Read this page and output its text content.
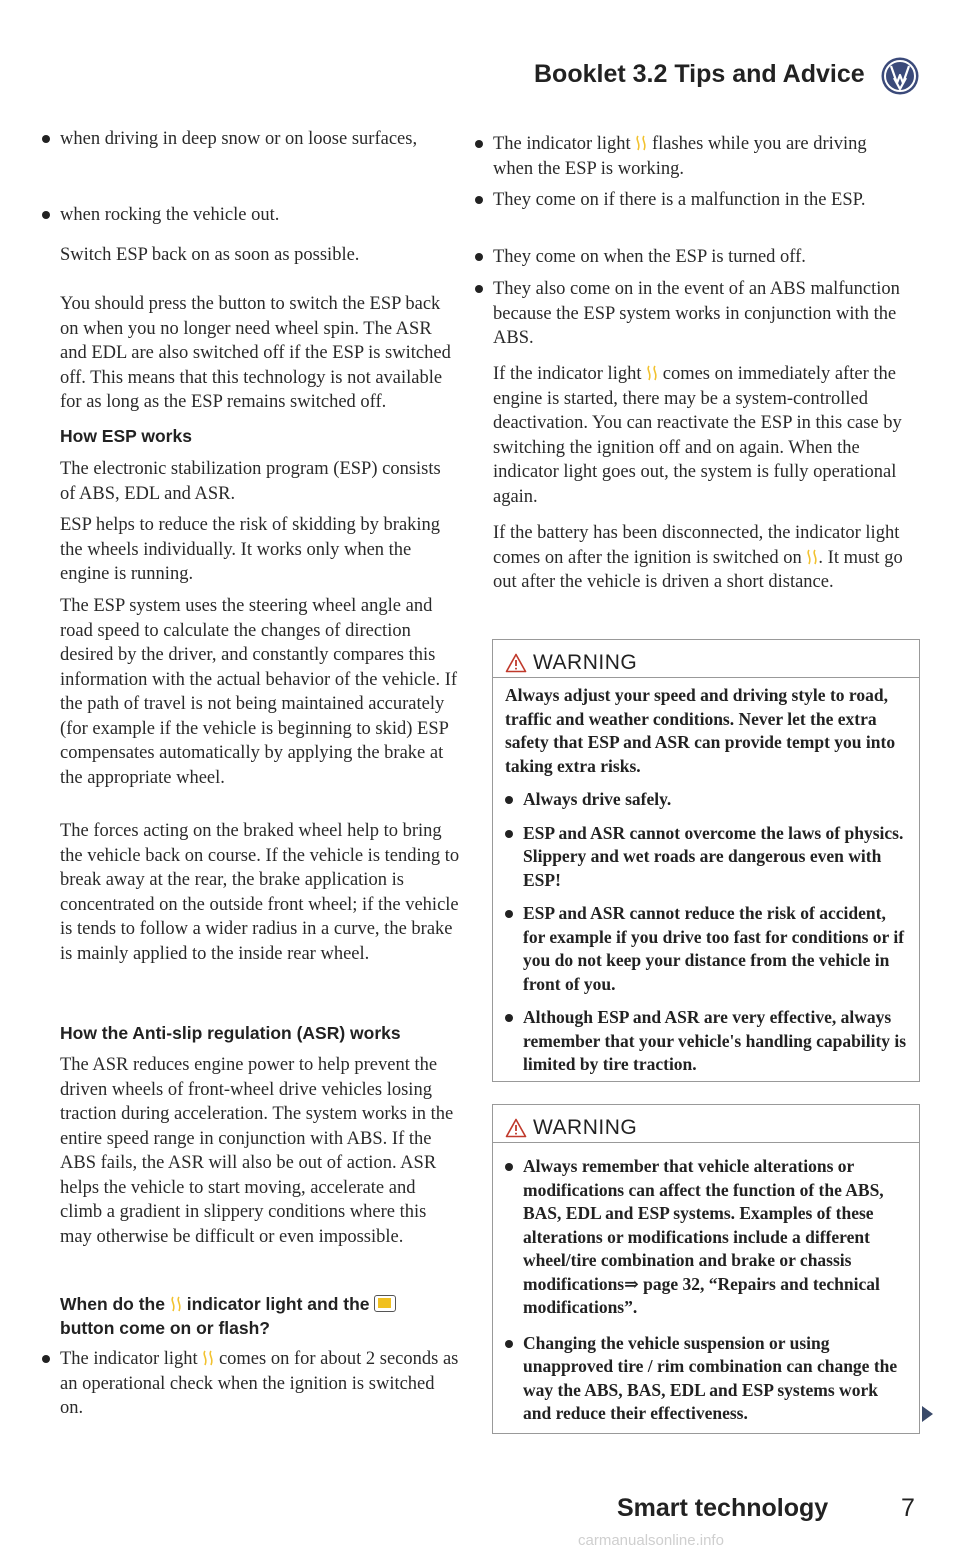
Booklet 3.2 Tips and Advice

when driving in deep snow or on loose surfaces,

when rocking the vehicle out.

Switch ESP back on as soon as possible.

You should press the button to switch the ESP back on when you no longer need wheel spin. The ASR and EDL are also switched off if the ESP is switched off. This means that this technology is not available for as long as the ESP remains switched off.

How ESP works

The electronic stabilization program (ESP) consists of ABS, EDL and ASR.

ESP helps to reduce the risk of skidding by braking the wheels individually. It works only when the engine is running.

The ESP system uses the steering wheel angle and road speed to calculate the changes of direction desired by the driver, and constantly compares this information with the actual behavior of the vehicle. If the path of travel is not being maintained accurately (for example if the vehicle is beginning to skid) ESP compensates automatically by applying the brake at the appropriate wheel.

The forces acting on the braked wheel help to bring the vehicle back on course. If the vehicle is tending to break away at the rear, the brake application is concentrated on the outside front wheel; if the vehicle is tends to follow a wider radius in a curve, the brake is mainly applied to the inside rear wheel.

How the Anti-slip regulation (ASR) works

The ASR reduces engine power to help prevent the driven wheels of front-wheel drive vehicles losing traction during acceleration. The system works in the entire speed range in conjunction with ABS. If the ABS fails, the ASR will also be out of action. ASR helps the vehicle to start moving, accelerate and climb a gradient in slippery conditions where this may otherwise be difficult or even impossible.

When do the indicator light and the

button come on or flash?

The indicator light comes on for about 2 seconds as an operational check when the ignition is switched on.

The indicator light flashes while you are driving when the ESP is working.

They come on if there is a malfunction in the ESP.

They come on when the ESP is turned off.

They also come on in the event of an ABS malfunction because the ESP system works in conjunction with the ABS.

If the indicator light comes on immediately after the engine is started, there may be a system-controlled deactivation. You can reactivate the ESP in this case by switching the ignition off and on again. When the indicator light goes out, the system is fully operational again.

If the battery has been disconnected, the indicator light comes on after the ignition is switched on . It must go out after the vehicle is driven a short distance.

WARNING

Always adjust your speed and driving style to road, traffic and weather conditions. Never let the extra safety that ESP and ASR can provide tempt you into taking extra risks.

Always drive safely.

ESP and ASR cannot overcome the laws of physics. Slippery and wet roads are dangerous even with ESP!

ESP and ASR cannot reduce the risk of accident, for example if you drive too fast for conditions or if you do not keep your distance from the vehicle in front of you.

Although ESP and ASR are very effective, always remember that your vehicle's handling capability is limited by tire traction.

WARNING

Always remember that vehicle alterations or modifications can affect the function of the ABS, BAS, EDL and ESP systems. Examples of these alterations or modifications include a different wheel/tire combination and brake or chassis modifications⇒ page 32, “Repairs and technical modifications”.

Changing the vehicle suspension or using unapproved tire / rim combination can change the way the ABS, BAS, EDL and ESP systems work and reduce their effectiveness.

Smart technology	7
carmanualsonline.info
